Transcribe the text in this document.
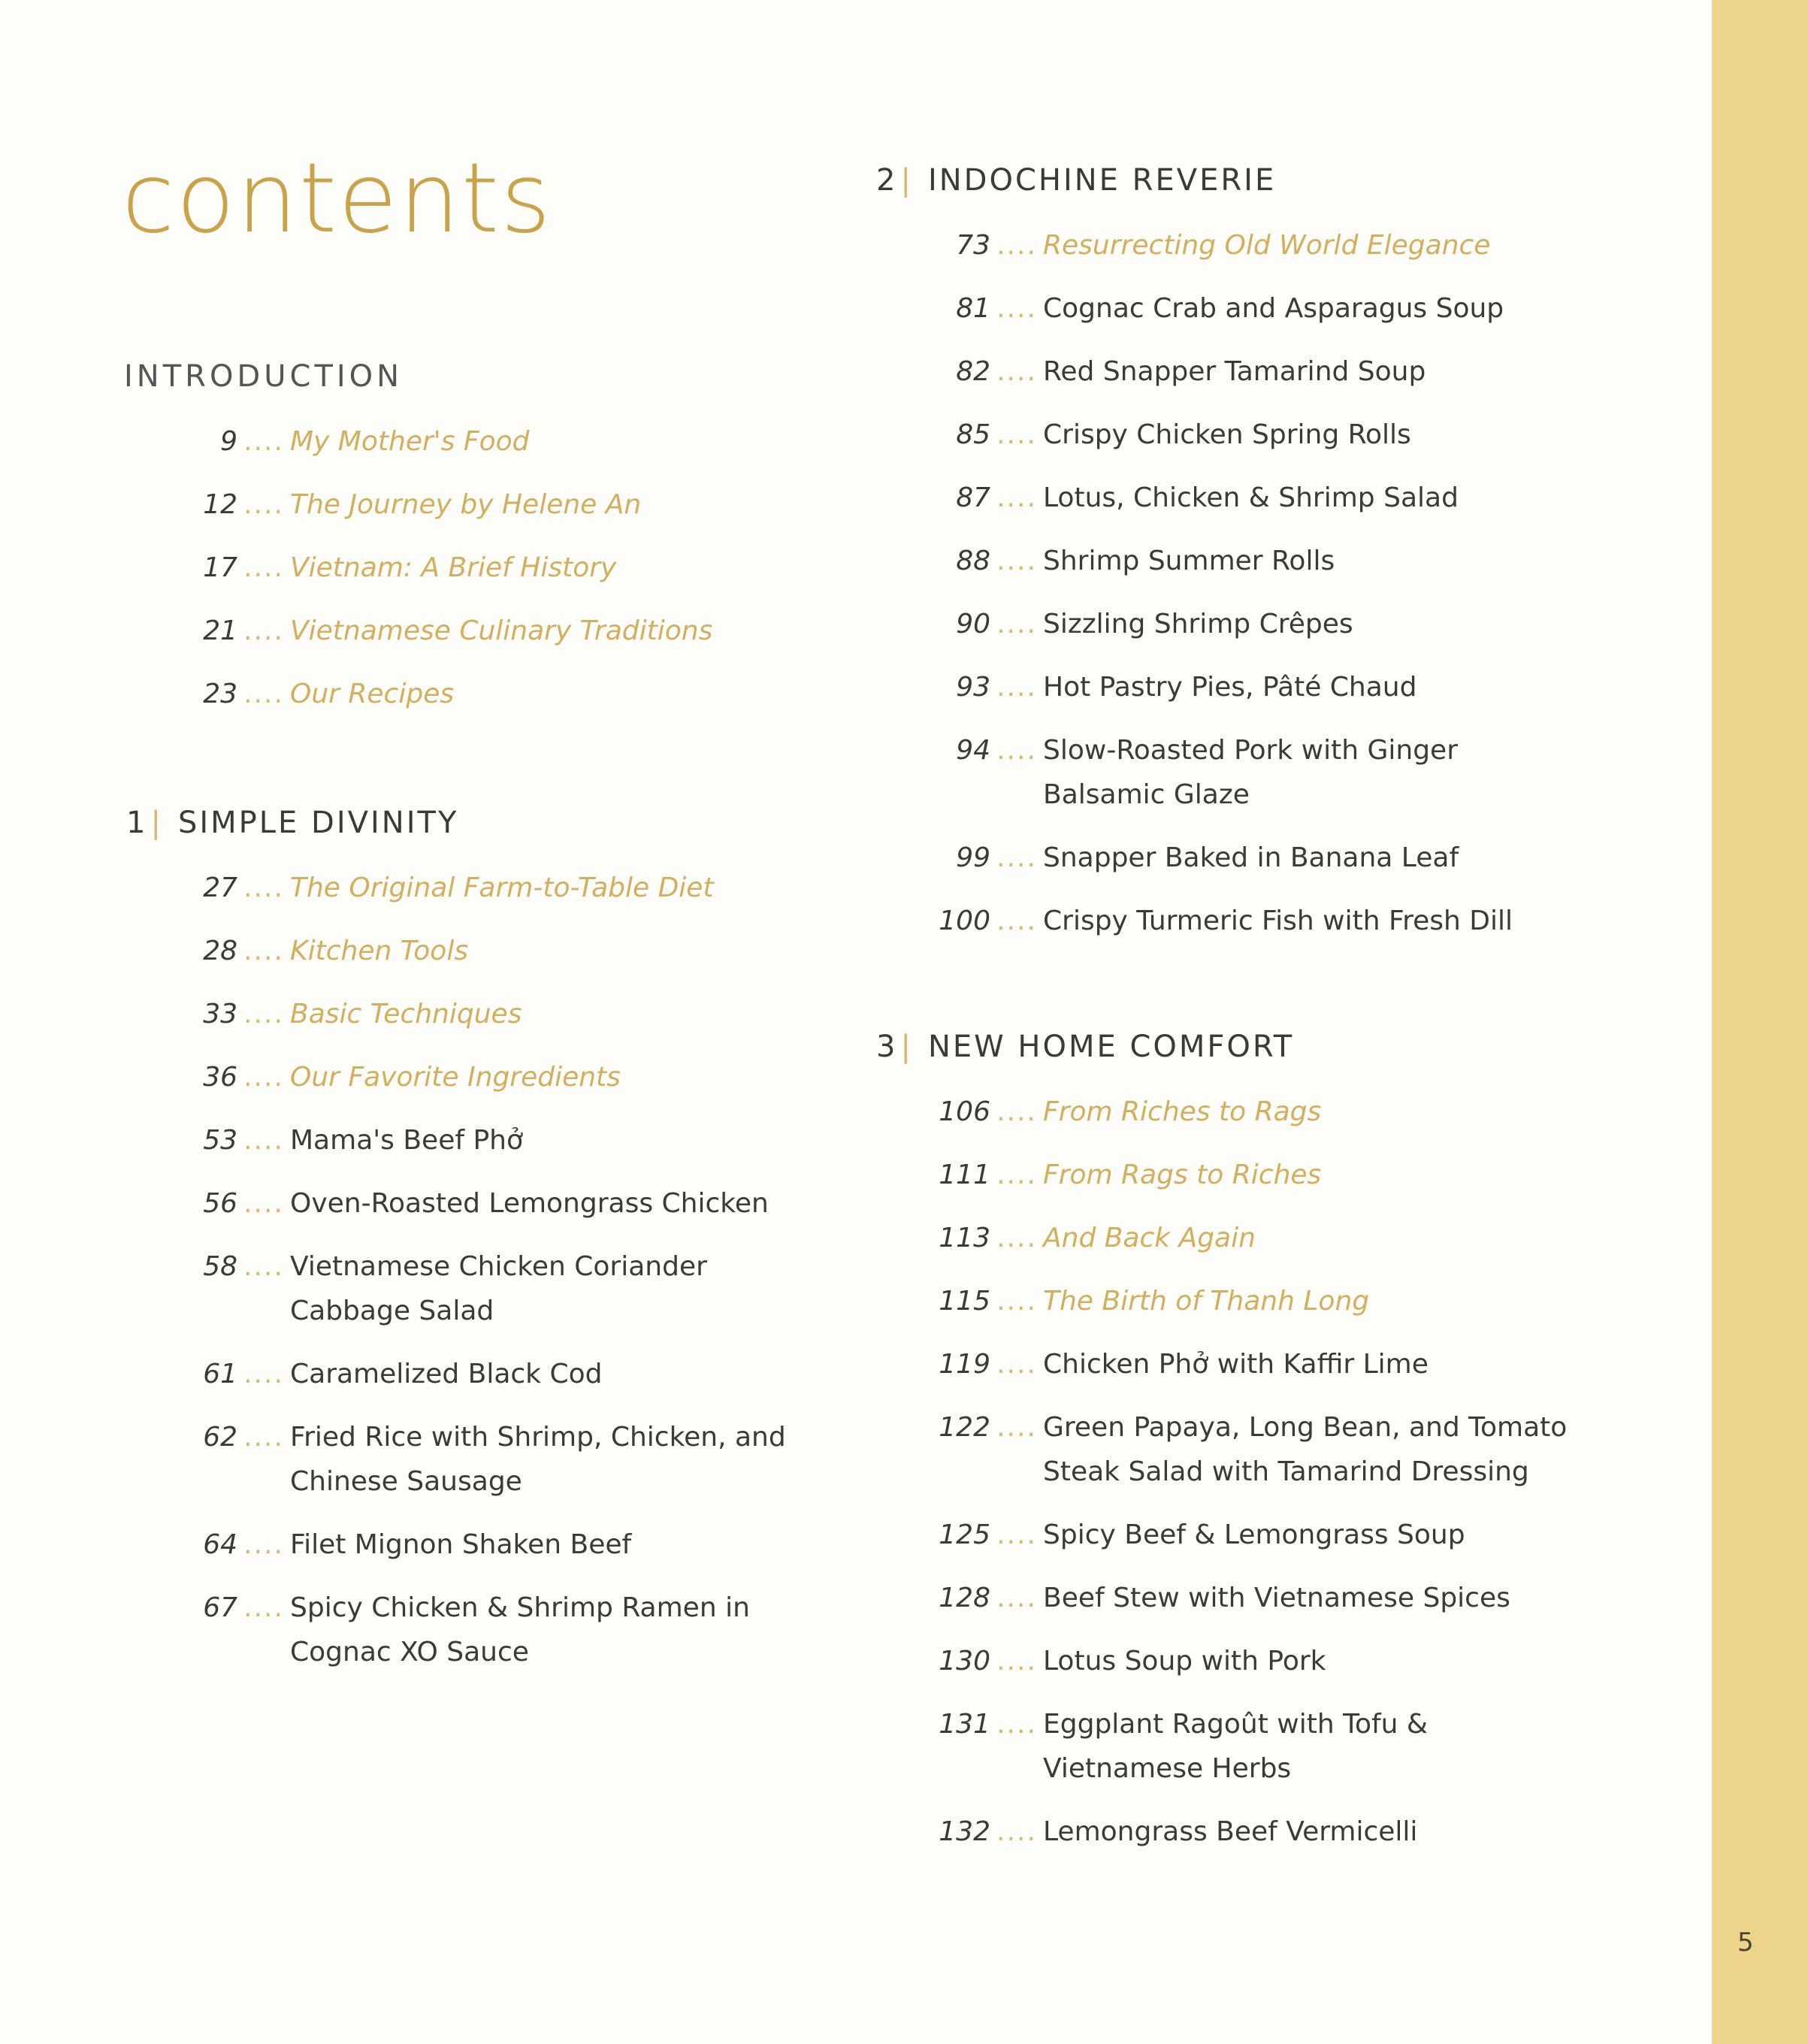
5
contents
INTRODUCTION
9 .... My Mother's Food
12 .... The Journey by Helene An
17 .... Vietnam: A Brief History
21 .... Vietnamese Culinary Traditions
23 .... Our Recipes
1 | SIMPLE DIVINITY
27 .... The Original Farm-to-Table Diet
28 .... Kitchen Tools
33 .... Basic Techniques
36 .... Our Favorite Ingredients
53 .... Mama's Beef Phở
56 .... Oven-Roasted Lemongrass Chicken
58 .... Vietnamese Chicken Coriander
Cabbage Salad
61 .... Caramelized Black Cod
62 .... Fried Rice with Shrimp, Chicken, and
Chinese Sausage
64 .... Filet Mignon Shaken Beef
67 .... Spicy Chicken & Shrimp Ramen in
Cognac XO Sauce
2 | INDOCHINE REVERIE
73 .... Resurrecting Old World Elegance
81 .... Cognac Crab and Asparagus Soup
82 .... Red Snapper Tamarind Soup
85 .... Crispy Chicken Spring Rolls
87 .... Lotus, Chicken & Shrimp Salad
88 .... Shrimp Summer Rolls
90 .... Sizzling Shrimp Crêpes
93 .... Hot Pastry Pies, Pâté Chaud
94 .... Slow-Roasted Pork with Ginger
Balsamic Glaze
99 .... Snapper Baked in Banana Leaf
100 .... Crispy Turmeric Fish with Fresh Dill
3 | NEW HOME COMFORT
106 .... From Riches to Rags
111 .... From Rags to Riches
113 .... And Back Again
115 .... The Birth of Thanh Long
119 .... Chicken Phở with Kaffir Lime
122 .... Green Papaya, Long Bean, and Tomato
Steak Salad with Tamarind Dressing
125 .... Spicy Beef & Lemongrass Soup
128 .... Beef Stew with Vietnamese Spices
130 .... Lotus Soup with Pork
131 .... Eggplant Ragoût with Tofu &
Vietnamese Herbs
132 .... Lemongrass Beef Vermicelli
